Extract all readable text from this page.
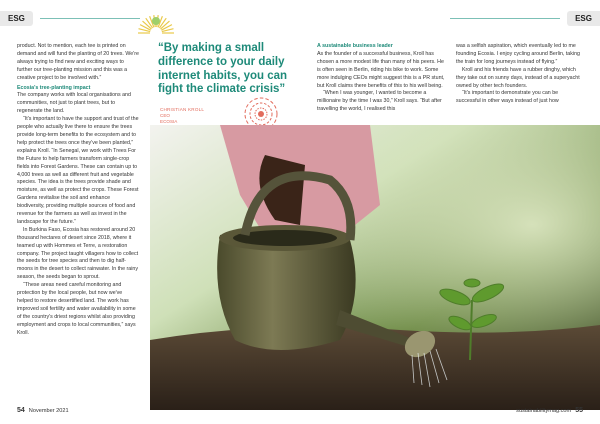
ESG	ESG

product. Not to mention, each tee is printed on demand and will fund the planting of 20 trees. We're always trying to find new and exciting ways to further our tree-planting mission and this was a creative project to be involved with.”

Ecosia's tree-planting impact

The company works with local organisations and communities, not just to plant trees, but to regenerate the land.

“It's important to have the support and trust of the people who actually live there to ensure the trees provide long-term benefits to the ecosystem and to help protect the trees once they've been planted,” explains Kroll. “In Senegal, we work with Trees For the Future to help farmers transform single-crop fields into Forest Gardens. These can contain up to 4,000 trees as well as different fruit and vegetable species. The idea is the trees provide shade and moisture, as well as protect the crops. These Forest Gardens revitalise the soil and enhance biodiversity, providing multiple sources of food and revenue for the farmers as well as invest in the landscape for the future.”

In Burkina Faso, Ecosia has restored around 20 thousand hectares of desert since 2018, where it teamed up with Hommes et Terre, a restoration company. The project taught villagers how to collect the seeds for tree species and then to dig half-moons in the desert to collect rainwater. In the rainy season, the seeds began to sprout.

“These areas need careful monitoring and protection by the local people, but now we've helped to restore desertified land. The work has improved soil fertility and water availability in some of the country's driest regions whilst also providing employment and crops to local communities,” says Kroll.

“By making a small difference to your daily internet habits, you can fight the climate crisis”
CHRISTIAN KROLL
CEO
ECOSIA

A sustainable business leader

As the founder of a successful business, Kroll has chosen a more modest life than many of his peers. He is often seen in Berlin, riding his bike to work. Some more indulging CEOs might suggest this is a PR stunt, but Kroll claims there benefits of this to his well being.

“When I was younger, I wanted to become a millionaire by the time I was 30,” Kroll says. “But after travelling the world, I realised this

was a selfish aspiration, which eventually led to me founding Ecosia. I enjoy cycling around Berlin, taking the train for long journeys instead of flying.”

Kroll and his friends have a rubber dinghy, which they take out on sunny days, instead of a superyacht owned by other tech founders.

“It's important to demonstrate you can be successful in other ways instead of just how

54 November 2021	sustainabilitymag.com 55
